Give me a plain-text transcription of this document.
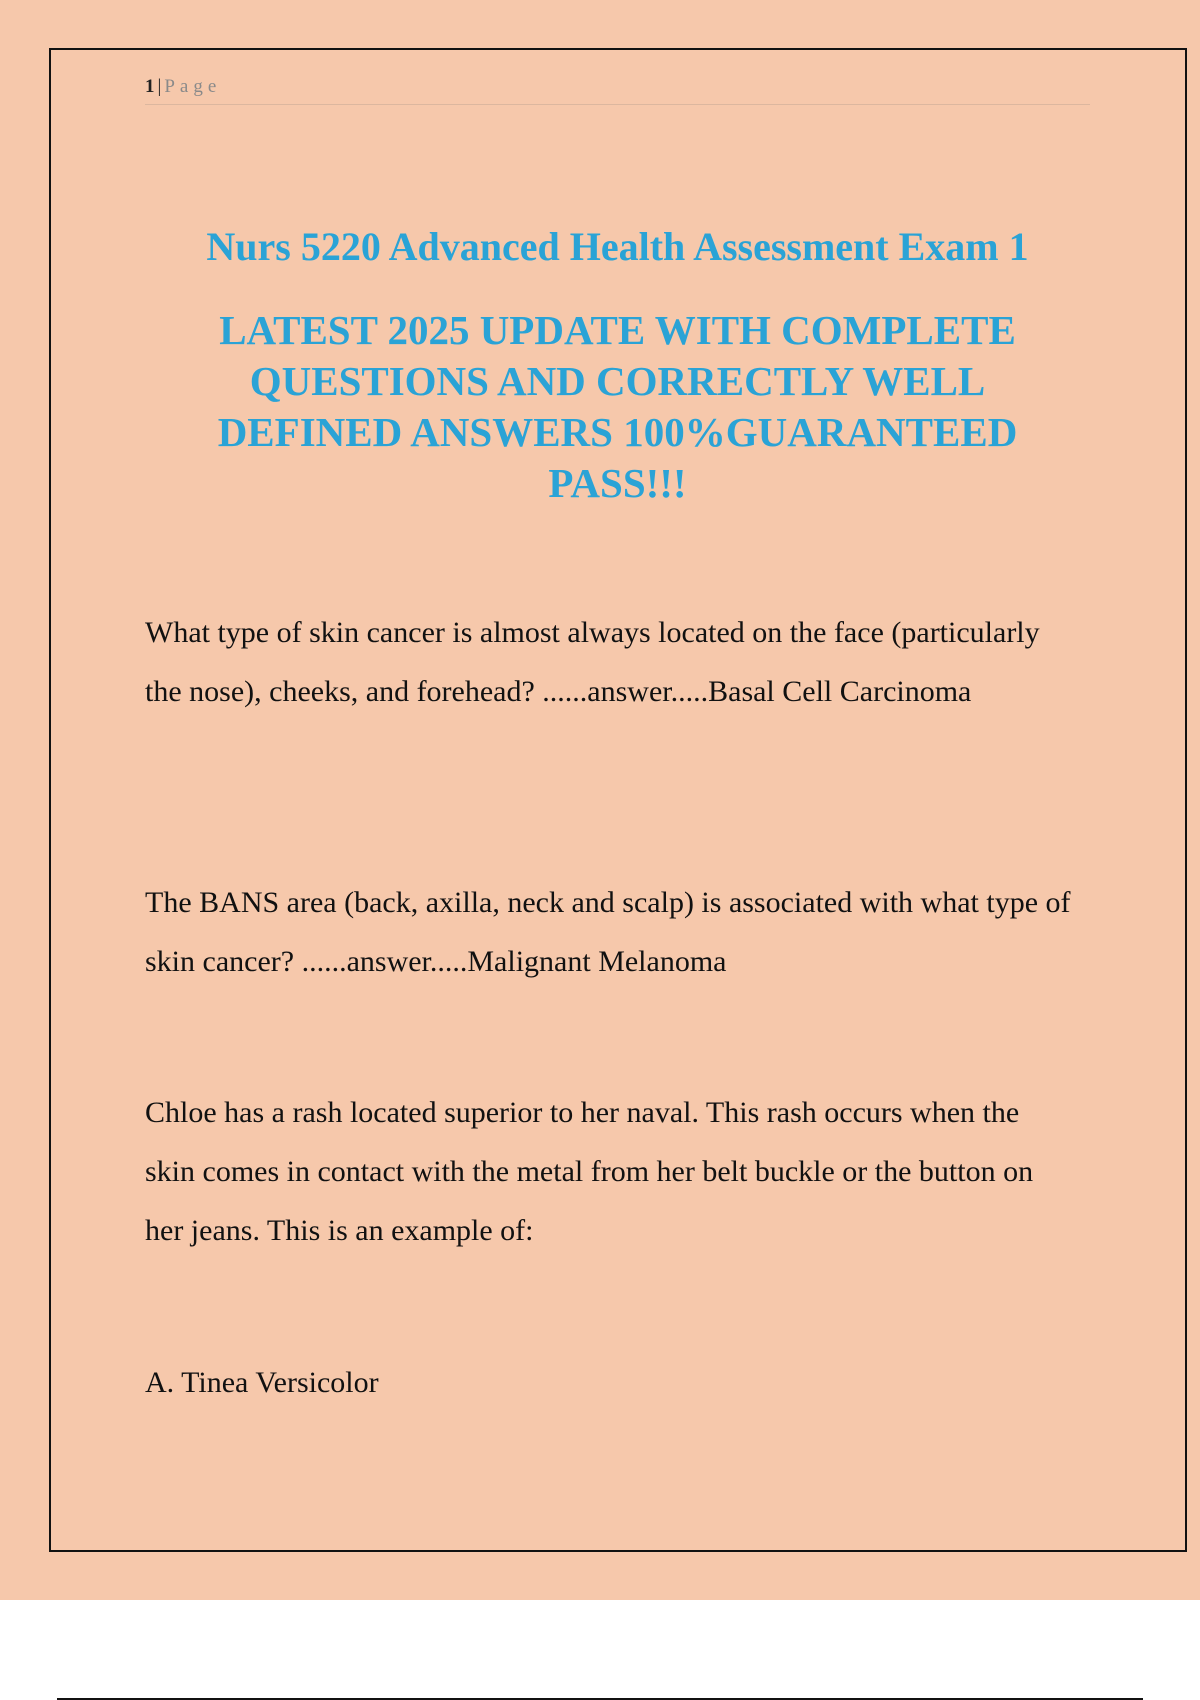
1 | Page
Nurs 5220 Advanced Health Assessment Exam 1
LATEST 2025 UPDATE WITH COMPLETE QUESTIONS AND CORRECTLY WELL DEFINED ANSWERS 100%GUARANTEED PASS!!!

What type of skin cancer is almost always located on the face (particularly the nose), cheeks, and forehead? ......answer.....Basal Cell Carcinoma

The BANS area (back, axilla, neck and scalp) is associated with what type of skin cancer? ......answer.....Malignant Melanoma

Chloe has a rash located superior to her naval. This rash occurs when the skin comes in contact with the metal from her belt buckle or the button on her jeans. This is an example of:

A. Tinea Versicolor
